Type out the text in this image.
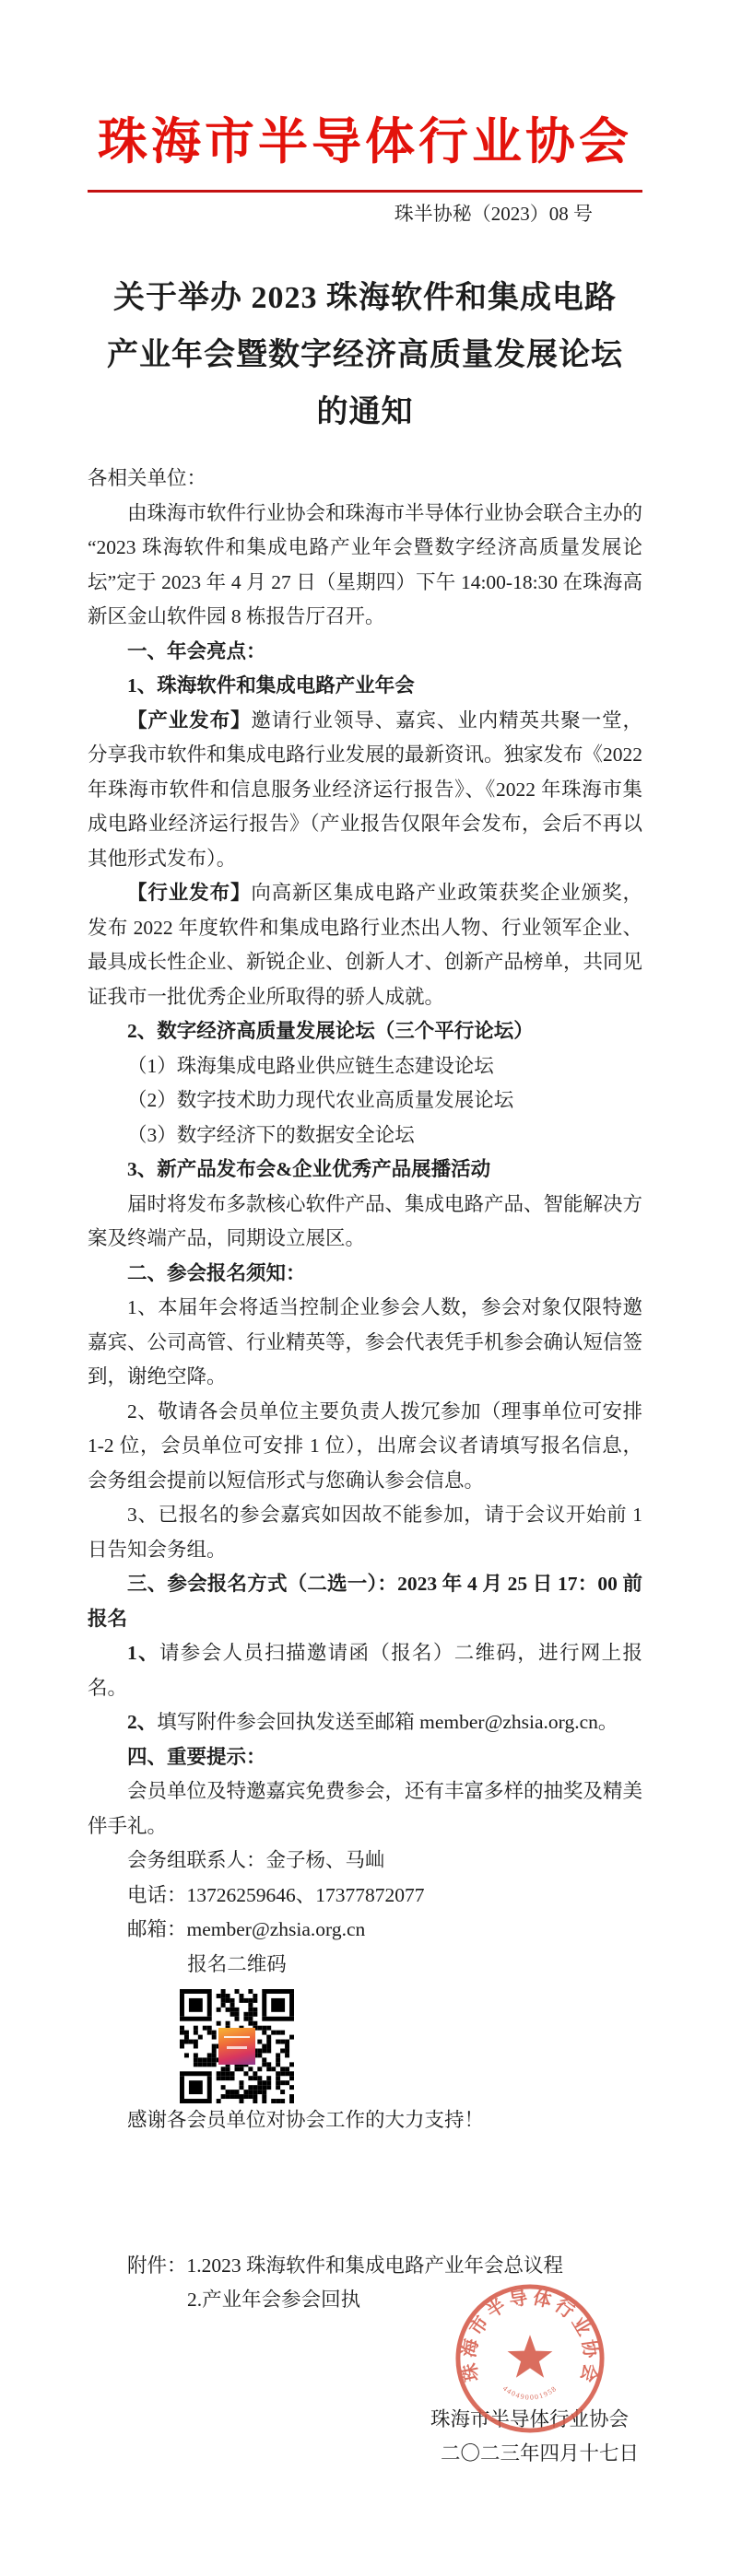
珠海市半导体行业协会
珠半协秘（2023）08 号
关于举办 2023 珠海软件和集成电路
产业年会暨数字经济高质量发展论坛
的通知

各相关单位：

由珠海市软件行业协会和珠海市半导体行业协会联合主办的“2023 珠海软件和集成电路产业年会暨数字经济高质量发展论坛”定于 2023 年 4 月 27 日（星期四）下午 14:00-18:30 在珠海高新区金山软件园 8 栋报告厅召开。

一、年会亮点：

1、珠海软件和集成电路产业年会

【产业发布】邀请行业领导、嘉宾、业内精英共聚一堂，分享我市软件和集成电路行业发展的最新资讯。独家发布《2022 年珠海市软件和信息服务业经济运行报告》、《2022 年珠海市集成电路业经济运行报告》（产业报告仅限年会发布，会后不再以其他形式发布）。

【行业发布】向高新区集成电路产业政策获奖企业颁奖，发布 2022 年度软件和集成电路行业杰出人物、行业领军企业、最具成长性企业、新锐企业、创新人才、创新产品榜单，共同见证我市一批优秀企业所取得的骄人成就。

2、数字经济高质量发展论坛（三个平行论坛）

（1）珠海集成电路业供应链生态建设论坛

（2）数字技术助力现代农业高质量发展论坛

（3）数字经济下的数据安全论坛

3、新产品发布会&企业优秀产品展播活动

届时将发布多款核心软件产品、集成电路产品、智能解决方案及终端产品，同期设立展区。

二、参会报名须知：

1、本届年会将适当控制企业参会人数，参会对象仅限特邀嘉宾、公司高管、行业精英等，参会代表凭手机参会确认短信签到，谢绝空降。

2、敬请各会员单位主要负责人拨冗参加（理事单位可安排 1-2 位，会员单位可安排 1 位），出席会议者请填写报名信息，会务组会提前以短信形式与您确认参会信息。

3、已报名的参会嘉宾如因故不能参加，请于会议开始前 1 日告知会务组。

三、参会报名方式（二选一）：2023 年 4 月 25 日 17：00 前报名

1、请参会人员扫描邀请函（报名）二维码，进行网上报名。

2、填写附件参会回执发送至邮箱 member@zhsia.org.cn。

四、重要提示：

会员单位及特邀嘉宾免费参会，还有丰富多样的抽奖及精美伴手礼。

会务组联系人：金子杨、马屾

电话：13726259646、17377872077

邮箱：member@zhsia.org.cn

报名二维码

感谢各会员单位对协会工作的大力支持！

附件：1.2023 珠海软件和集成电路产业年会总议程

2.产业年会参会回执

珠海市半导体行业协会

二〇二三年四月十七日

珠海市半导体行业协会
440490001958
